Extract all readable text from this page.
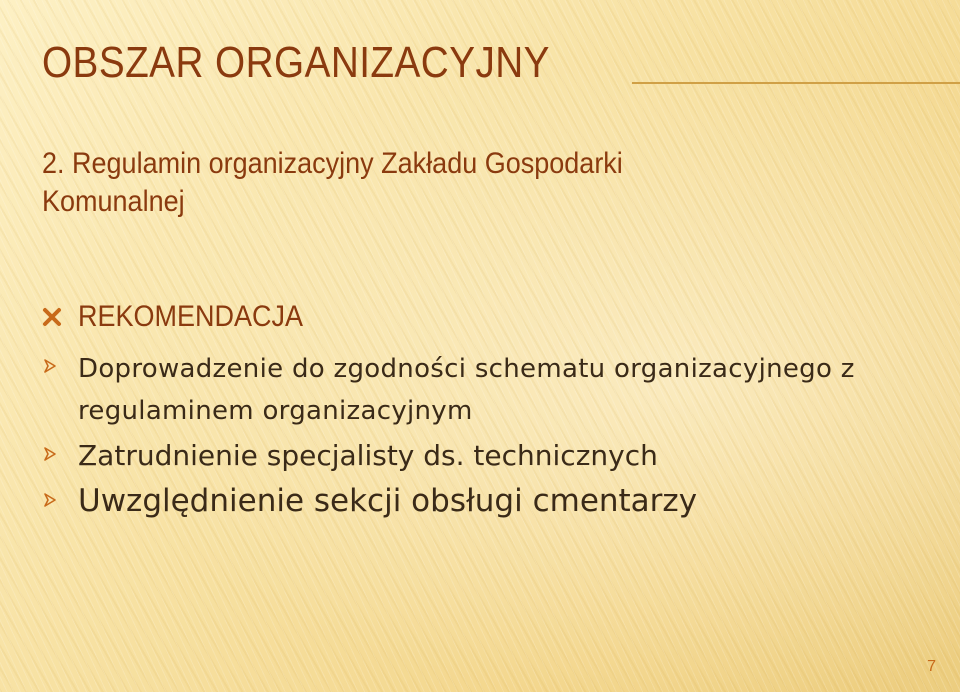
OBSZAR ORGANIZACYJNY
2. Regulamin organizacyjny Zakładu Gospodarki Komunalnej
REKOMENDACJA
Doprowadzenie do zgodności schematu organizacyjnego z regulaminem organizacyjnym
Zatrudnienie specjalisty ds. technicznych
Uwzględnienie sekcji obsługi cmentarzy
7
